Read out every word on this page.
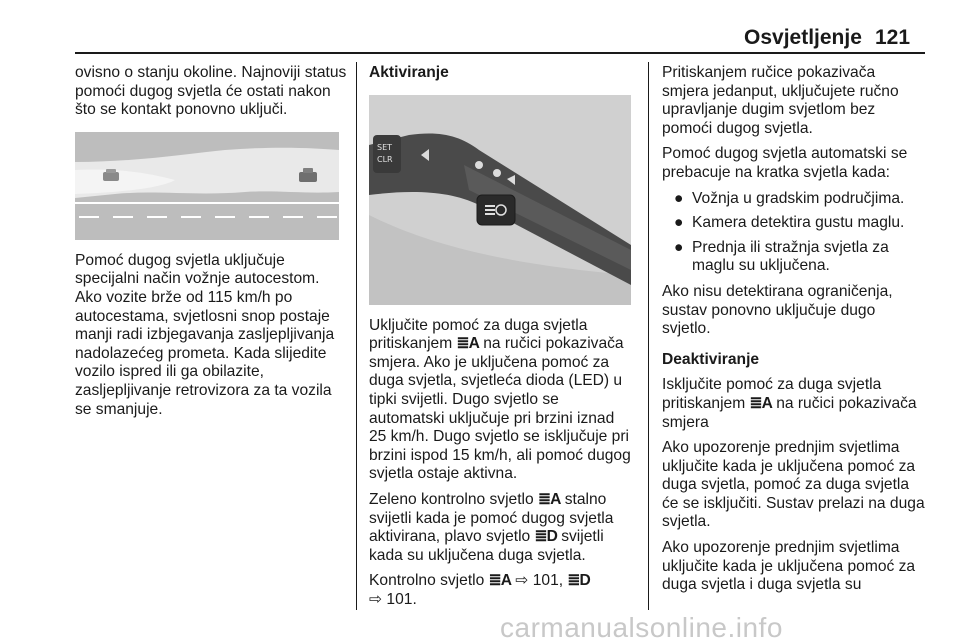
Osvjetljenje 121

ovisno o stanju okoline. Najnoviji status pomoći dugog svjetla će ostati nakon što se kontakt ponovno uključi.

Pomoć dugog svjetla uključuje specijalni način vožnje autocestom. Ako vozite brže od 115 km/h po autocestama, svjetlosni snop postaje manji radi izbjegavanja zasljepljivanja nadolazećeg prometa. Kada slijedite vozilo ispred ili ga obilazite, zasljepljivanje retrovizora za ta vozila se smanjuje.

Aktiviranje

SET
CLR

Uključite pomoć za duga svjetla pritiskanjem ≣A na ručici pokazivača smjera. Ako je uključena pomoć za duga svjetla, svjetleća dioda (LED) u tipki svijetli. Dugo svjetlo se automatski uključuje pri brzini iznad 25 km/h. Dugo svjetlo se isključuje pri brzini ispod 15 km/h, ali pomoć dugog svjetla ostaje aktivna.

Zeleno kontrolno svjetlo ≣A stalno svijetli kada je pomoć dugog svjetla aktivirana, plavo svjetlo ≣D svijetli kada su uključena duga svjetla.

Kontrolno svjetlo ≣A ⇨ 101, ≣D
⇨ 101.

Pritiskanjem ručice pokazivača smjera jedanput, uključujete ručno upravljanje dugim svjetlom bez pomoći dugog svjetla.

Pomoć dugog svjetla automatski se prebacuje na kratka svjetla kada:

● Vožnja u gradskim područjima.
● Kamera detektira gustu maglu.
● Prednja ili stražnja svjetla za maglu su uključena.

Ako nisu detektirana ograničenja, sustav ponovno uključuje dugo svjetlo.

Deaktiviranje

Isključite pomoć za duga svjetla pritiskanjem ≣A na ručici pokazivača smjera

Ako upozorenje prednjim svjetlima uključite kada je uključena pomoć za duga svjetla, pomoć za duga svjetla će se isključiti. Sustav prelazi na duga svjetla.

Ako upozorenje prednjim svjetlima uključite kada je uključena pomoć za duga svjetla i duga svjetla su

carmanualsonline.info
